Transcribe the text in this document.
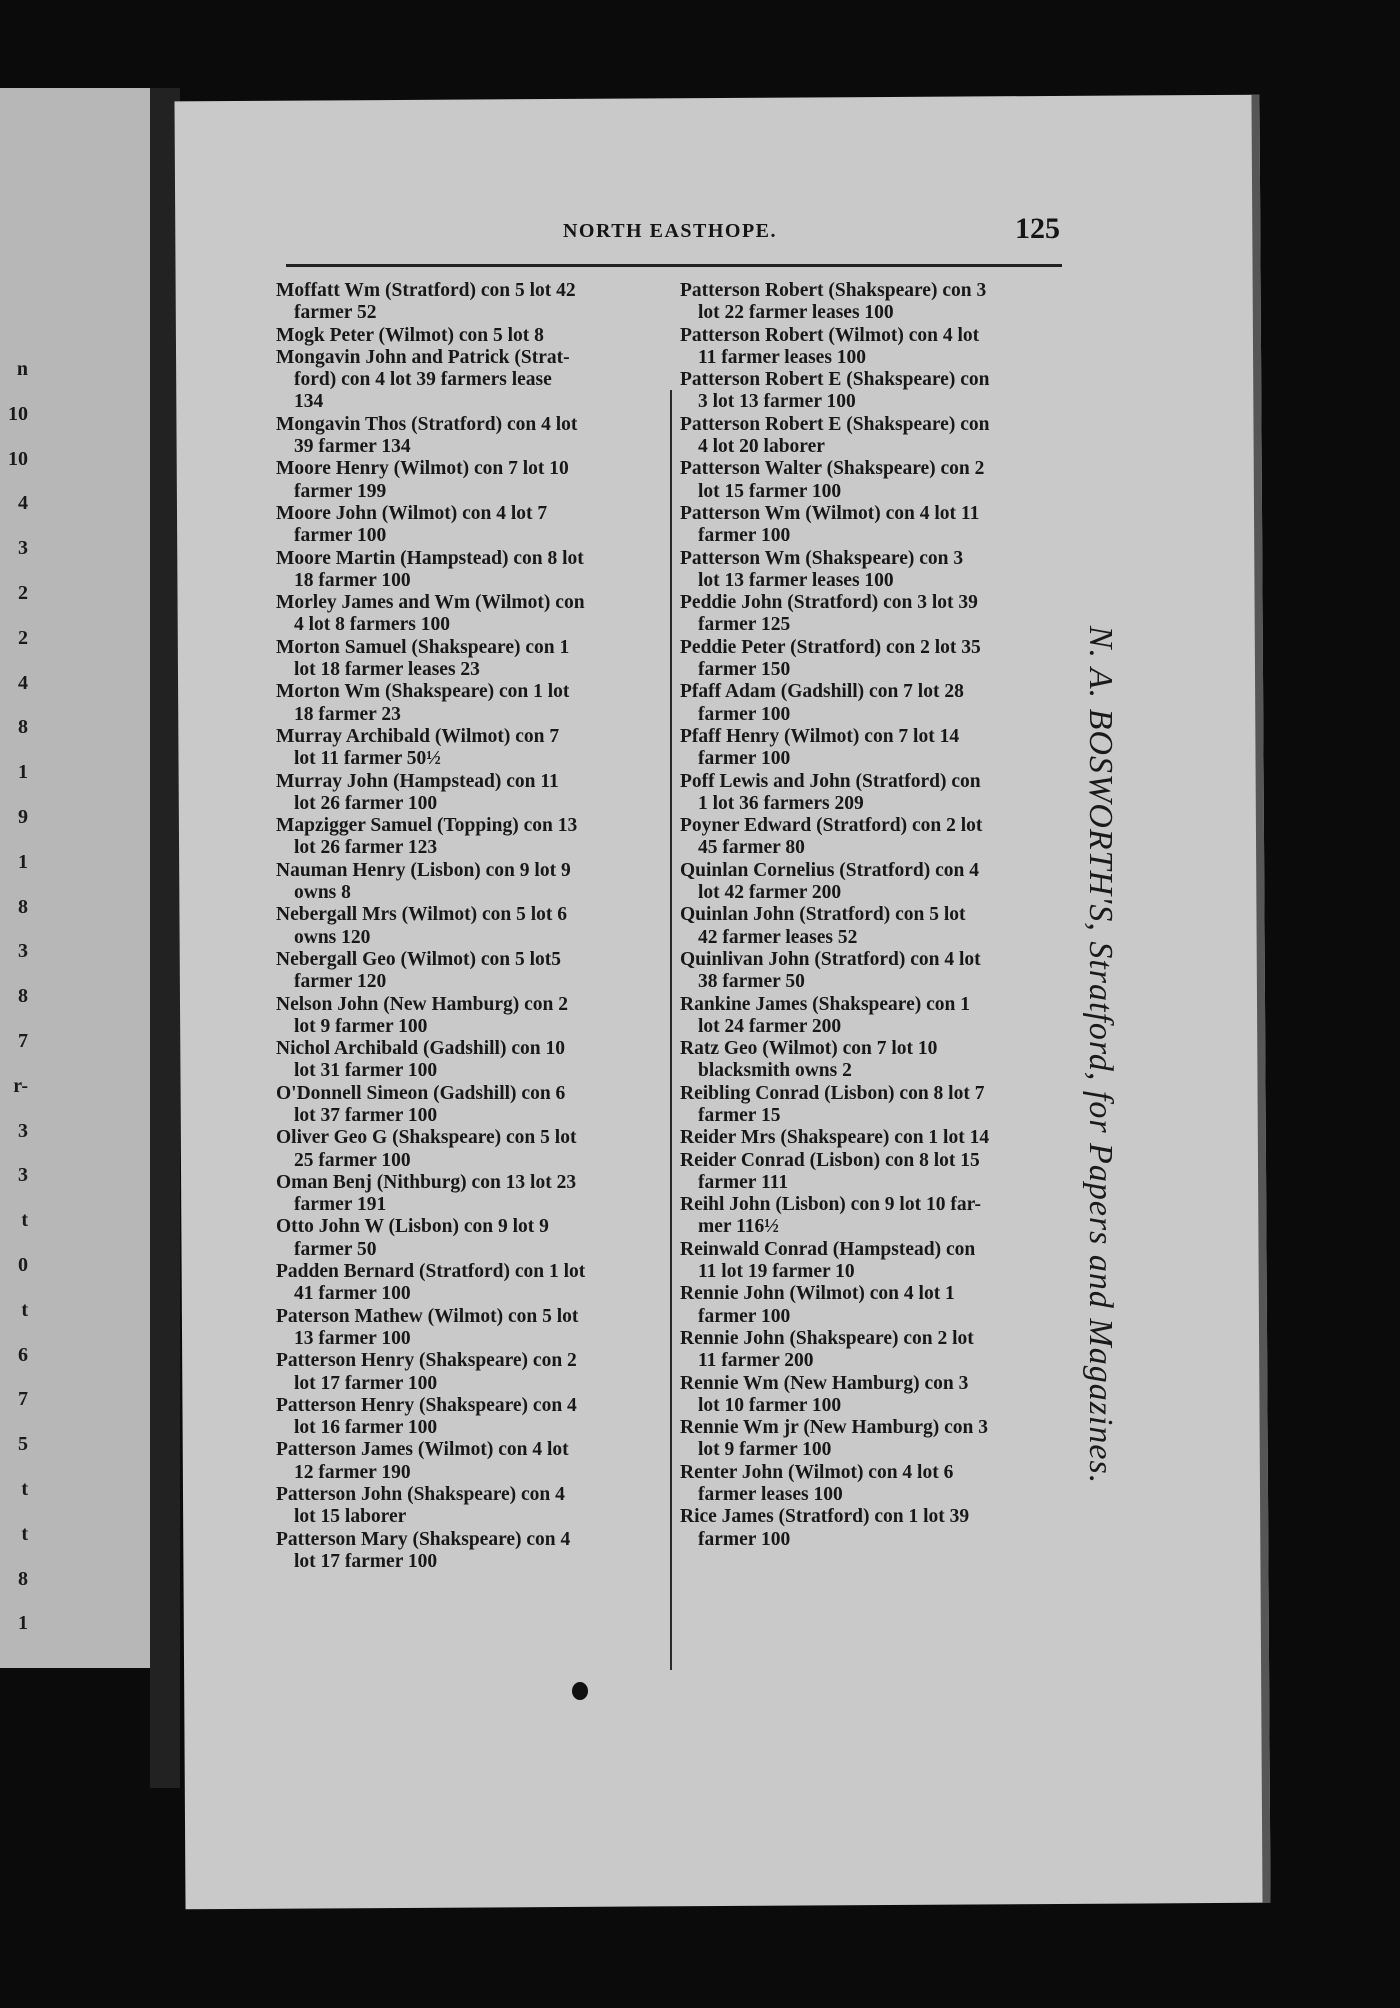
n
10
10
4
3
2
2
4
8
1
9
1
8
3
8
7
r-
3
3
t
0
t
6
7
5
t
t
8
1
NORTH EASTHOPE.	125
Moffatt Wm (Stratford) con 5 lot 42
farmer 52
Mogk Peter (Wilmot) con 5 lot 8
Mongavin John and Patrick (Strat-
ford) con 4 lot 39 farmers lease
134
Mongavin Thos (Stratford) con 4 lot
39 farmer 134
Moore Henry (Wilmot) con 7 lot 10
farmer 199
Moore John (Wilmot) con 4 lot 7
farmer 100
Moore Martin (Hampstead) con 8 lot
18 farmer 100
Morley James and Wm (Wilmot) con
4 lot 8 farmers 100
Morton Samuel (Shakspeare) con 1
lot 18 farmer leases 23
Morton Wm (Shakspeare) con 1 lot
18 farmer 23
Murray Archibald (Wilmot) con 7
lot 11 farmer 50½
Murray John (Hampstead) con 11
lot 26 farmer 100
Mapzigger Samuel (Topping) con 13
lot 26 farmer 123
Nauman Henry (Lisbon) con 9 lot 9
owns 8
Nebergall Mrs (Wilmot) con 5 lot 6
owns 120
Nebergall Geo (Wilmot) con 5 lot5
farmer 120
Nelson John (New Hamburg) con 2
lot 9 farmer 100
Nichol Archibald (Gadshill) con 10
lot 31 farmer 100
O'Donnell Simeon (Gadshill) con 6
lot 37 farmer 100
Oliver Geo G (Shakspeare) con 5 lot
25 farmer 100
Oman Benj (Nithburg) con 13 lot 23
farmer 191
Otto John W (Lisbon) con 9 lot 9
farmer 50
Padden Bernard (Stratford) con 1 lot
41 farmer 100
Paterson Mathew (Wilmot) con 5 lot
13 farmer 100
Patterson Henry (Shakspeare) con 2
lot 17 farmer 100
Patterson Henry (Shakspeare) con 4
lot 16 farmer 100
Patterson James (Wilmot) con 4 lot
12 farmer 190
Patterson John (Shakspeare) con 4
lot 15 laborer
Patterson Mary (Shakspeare) con 4
lot 17 farmer 100
Patterson Robert (Shakspeare) con 3
lot 22 farmer leases 100
Patterson Robert (Wilmot) con 4 lot
11 farmer leases 100
Patterson Robert E (Shakspeare) con
3 lot 13 farmer 100
Patterson Robert E (Shakspeare) con
4 lot 20 laborer
Patterson Walter (Shakspeare) con 2
lot 15 farmer 100
Patterson Wm (Wilmot) con 4 lot 11
farmer 100
Patterson Wm (Shakspeare) con 3
lot 13 farmer leases 100
Peddie John (Stratford) con 3 lot 39
farmer 125
Peddie Peter (Stratford) con 2 lot 35
farmer 150
Pfaff Adam (Gadshill) con 7 lot 28
farmer 100
Pfaff Henry (Wilmot) con 7 lot 14
farmer 100
Poff Lewis and John (Stratford) con
1 lot 36 farmers 209
Poyner Edward (Stratford) con 2 lot
45 farmer 80
Quinlan Cornelius (Stratford) con 4
lot 42 farmer 200
Quinlan John (Stratford) con 5 lot
42 farmer leases 52
Quinlivan John (Stratford) con 4 lot
38 farmer 50
Rankine James (Shakspeare) con 1
lot 24 farmer 200
Ratz Geo (Wilmot) con 7 lot 10
blacksmith owns 2
Reibling Conrad (Lisbon) con 8 lot 7
farmer 15
Reider Mrs (Shakspeare) con 1 lot 14
Reider Conrad (Lisbon) con 8 lot 15
farmer 111
Reihl John (Lisbon) con 9 lot 10 far-
mer 116½
Reinwald Conrad (Hampstead) con
11 lot 19 farmer 10
Rennie John (Wilmot) con 4 lot 1
farmer 100
Rennie John (Shakspeare) con 2 lot
11 farmer 200
Rennie Wm (New Hamburg) con 3
lot 10 farmer 100
Rennie Wm jr (New Hamburg) con 3
lot 9 farmer 100
Renter John (Wilmot) con 4 lot 6
farmer leases 100
Rice James (Stratford) con 1 lot 39
farmer 100
N. A. BOSWORTH'S, Stratford, for Papers and Magazines.
